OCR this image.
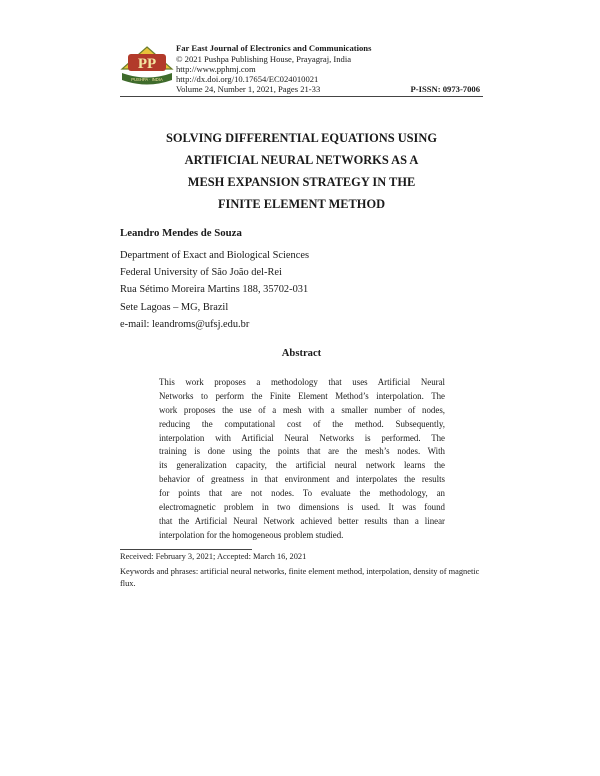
PP
PUSHPA · INDIA
Far East Journal of Electronics and Communications
© 2021 Pushpa Publishing House, Prayagraj, India
http://www.pphmj.com
http://dx.doi.org/10.17654/EC024010021
Volume 24, Number 1, 2021, Pages 21-33	P-ISSN: 0973-7006
SOLVING DIFFERENTIAL EQUATIONS USING
ARTIFICIAL NEURAL NETWORKS AS A
MESH EXPANSION STRATEGY IN THE
FINITE ELEMENT METHOD
Leandro Mendes de Souza
Department of Exact and Biological Sciences
Federal University of São João del-Rei
Rua Sétimo Moreira Martins 188, 35702-031
Sete Lagoas – MG, Brazil
e-mail: leandroms@ufsj.edu.br
Abstract
This work proposes a methodology that uses Artificial Neural
Networks to perform the Finite Element Method’s interpolation. The
work proposes the use of a mesh with a smaller number of nodes,
reducing the computational cost of the method. Subsequently,
interpolation with Artificial Neural Networks is performed. The
training is done using the points that are the mesh’s nodes. With
its generalization capacity, the artificial neural network learns the
behavior of greatness in that environment and interpolates the results
for points that are not nodes. To evaluate the methodology, an
electromagnetic problem in two dimensions is used. It was found
that the Artificial Neural Network achieved better results than a linear
interpolation for the homogeneous problem studied.
Received: February 3, 2021; Accepted: March 16, 2021
Keywords and phrases: artificial neural networks, finite element method, interpolation, density of magnetic flux.
